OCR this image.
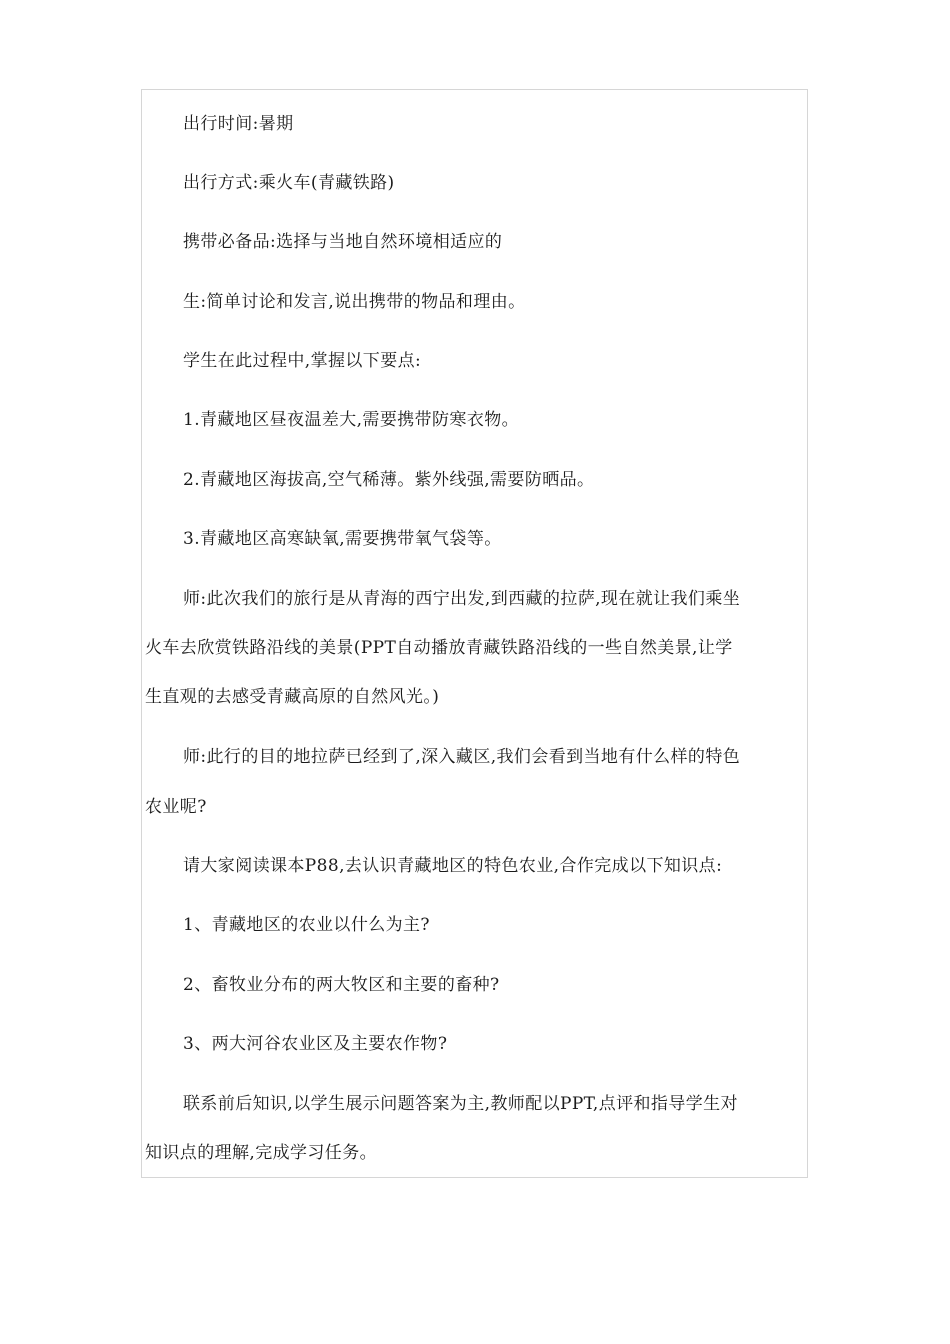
出行时间:暑期
出行方式:乘火车(青藏铁路)
携带必备品:选择与当地自然环境相适应的
生:简单讨论和发言,说出携带的物品和理由。
学生在此过程中,掌握以下要点:
1.青藏地区昼夜温差大,需要携带防寒衣物。
2.青藏地区海拔高,空气稀薄。紫外线强,需要防晒品。
3.青藏地区高寒缺氧,需要携带氧气袋等。
师:此次我们的旅行是从青海的西宁出发,到西藏的拉萨,现在就让我们乘坐
火车去欣赏铁路沿线的美景(PPT自动播放青藏铁路沿线的一些自然美景,让学
生直观的去感受青藏高原的自然风光。)
师:此行的目的地拉萨已经到了,深入藏区,我们会看到当地有什么样的特色
农业呢?
请大家阅读课本P88,去认识青藏地区的特色农业,合作完成以下知识点:
1、青藏地区的农业以什么为主?
2、畜牧业分布的两大牧区和主要的畜种?
3、两大河谷农业区及主要农作物?
联系前后知识,以学生展示问题答案为主,教师配以PPT,点评和指导学生对
知识点的理解,完成学习任务。
